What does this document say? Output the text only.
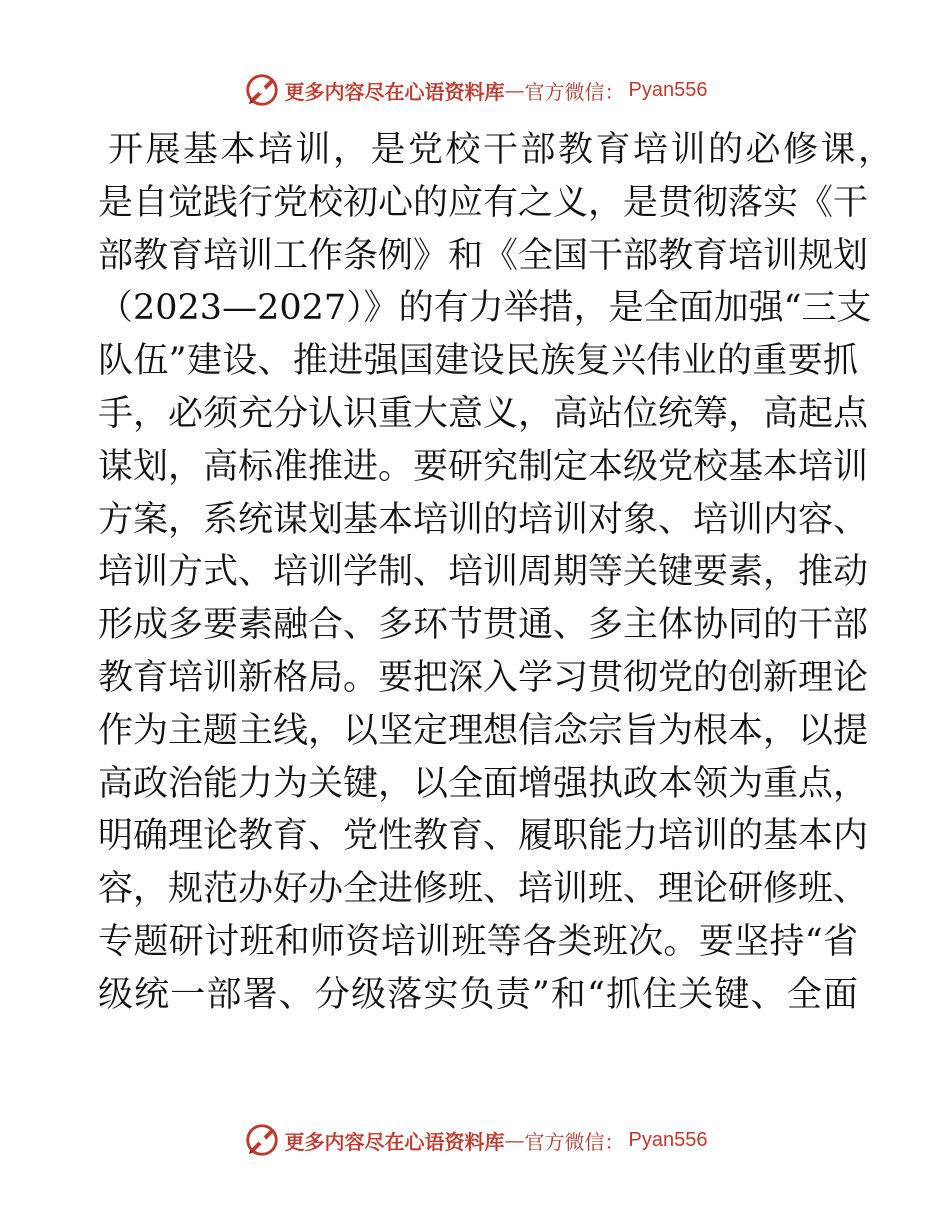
更多内容尽在心语资料库 — 官方微信： Pyan556
开展基本培训，是党校干部教育培训的必修课，
是自觉践行党校初心的应有之义，是贯彻落实《干
部教育培训工作条例》和《全国干部教育培训规划
（2023—2027）》的有力举措，是全面加强“三支
队伍”建设、推进强国建设民族复兴伟业的重要抓
手，必须充分认识重大意义，高站位统筹，高起点
谋划，高标准推进。要研究制定本级党校基本培训
方案，系统谋划基本培训的培训对象、培训内容、
培训方式、培训学制、培训周期等关键要素，推动
形成多要素融合、多环节贯通、多主体协同的干部
教育培训新格局。要把深入学习贯彻党的创新理论
作为主题主线，以坚定理想信念宗旨为根本，以提
高政治能力为关键，以全面增强执政本领为重点，
明确理论教育、党性教育、履职能力培训的基本内
容，规范办好办全进修班、培训班、理论研修班、
专题研讨班和师资培训班等各类班次。要坚持“省
级统一部署、分级落实负责”和“抓住关键、全面
更多内容尽在心语资料库 — 官方微信： Pyan556
